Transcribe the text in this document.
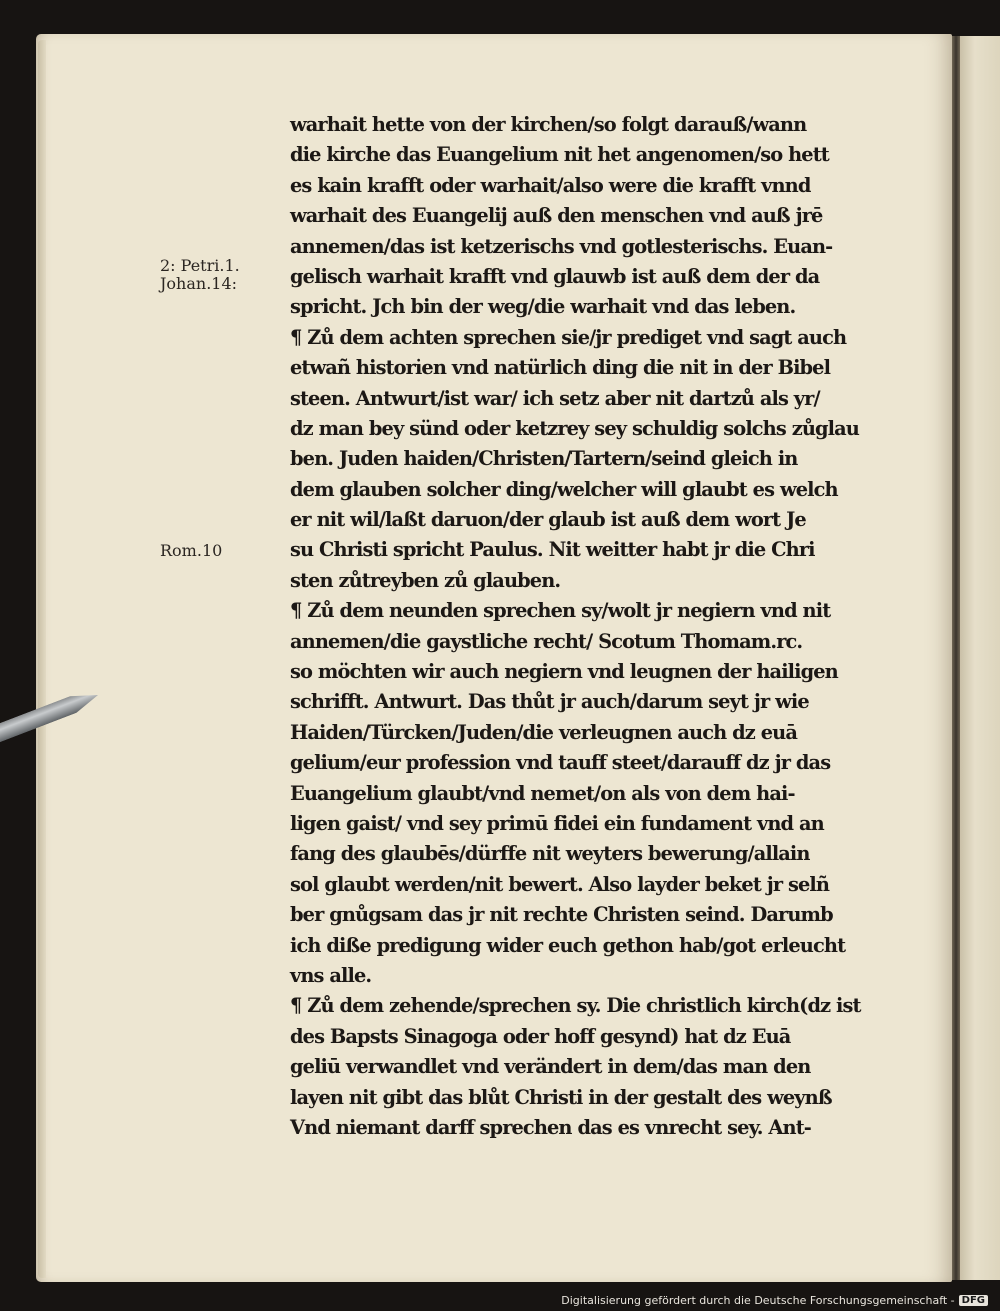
warhait hette von der kirchen/so folgt darauß/wann
die kirche das Euangelium nit het angenomen/so hett
es kain krafft oder warhait/also were die krafft vnnd
warhait des Euangelij auß den menschen vnd auß jrē
annemen/das ist ketzerischs vnd gotlesterischs. Euan-
gelisch warhait krafft vnd glauwb ist auß dem der da
spricht. Jch bin der weg/die warhait vnd das leben.
¶ Zů dem achten sprechen sie/jr prediget vnd sagt auch
etwañ histori̇en vnd natürlich ding die nit in der Bibel
steen. Antwurt/ist war/ ich setz aber nit dartzů als yr/
dz man bey sünd oder ketzrey sey schuldig solchs zůglau
ben. Juden haiden/Christen/Tartern/seind gleich in
dem glauben solcher ding/welcher will glaubt es welch
er nit wil/laßt daruon/der glaub ist auß dem wort Je
su Christi spricht Paulus. Nit weitter habt jr die Chri
sten zůtreyben zů glauben.
¶ Zů dem neunden sprechen sy/wolt jr negiern vnd nit
annemen/die gaystliche recht/ Scotum Thomam.rc.
so möchten wir auch negiern vnd leugnen der hailigen
schrifft. Antwurt. Das thůt jr auch/darum seyt jr wie
Haiden/Türcken/Juden/die verleugnen auch dz euā
gelium/eur profession vnd tauff steet/darauff dz jr das
Euangelium glaubt/vnd nemet/on als von dem hai-
ligen gaist/ vnd sey primū fidei ein fundament vnd an
fang des glaubēs/dürffe nit weyters bewerung/allain
sol glaubt werden/nit bewert. Also layder beket jr selñ
ber gnůgsam das jr nit rechte Christen seind. Darumb
ich diße predigung wider euch gethon hab/got erleucht
vns alle.
¶ Zů dem zehende/sprechen sy. Die christlich kirch(dz ist
des Bapsts Sinagoga oder hoff gesynd) hat dz Euā
geliū verwandlet vnd verändert in dem/das man den
layen nit gibt das blůt Christi in der gestalt des weynß
Vnd niemant darff sprechen das es vnrecht sey. Ant-
2: Petri.1.
Johan.14:
Rom.10
Digitalisierung gefördert durch die Deutsche Forschungsgemeinschaft - DFG
